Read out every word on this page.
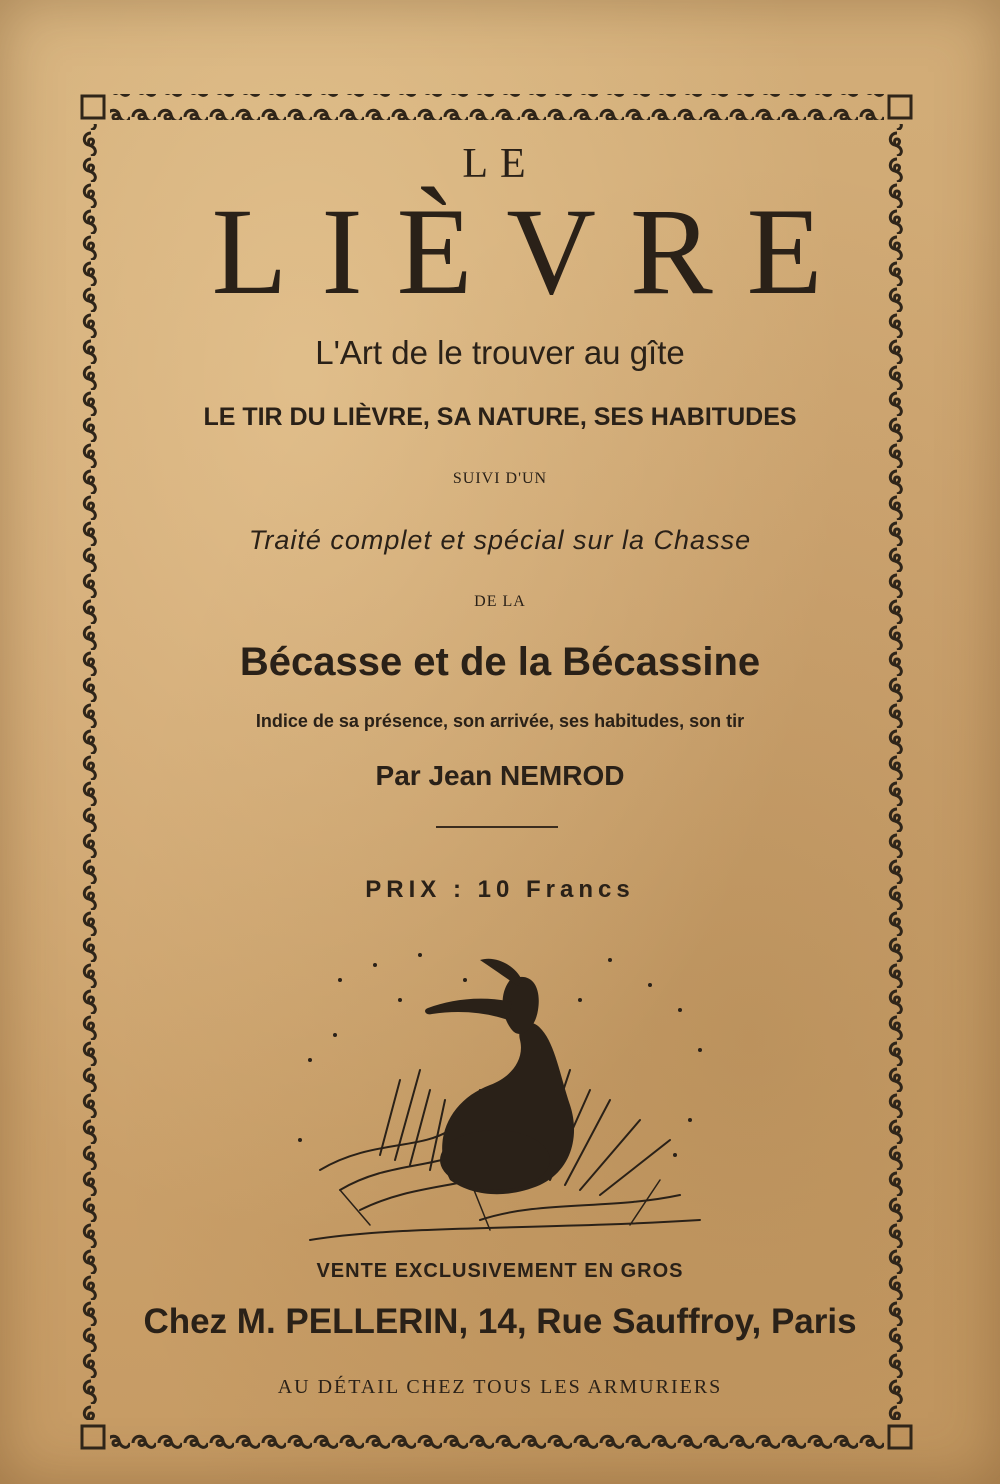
LE
LIÈVRE
L'Art de le trouver au gîte
LE TIR DU LIÈVRE, SA NATURE, SES HABITUDES
SUIVI D'UN
Traité complet et spécial sur la Chasse
DE LA
Bécasse et de la Bécassine
Indice de sa présence, son arrivée, ses habitudes, son tir
Par Jean NEMROD
PRIX : 10 Francs
VENTE EXCLUSIVEMENT EN GROS
Chez M. PELLERIN, 14, Rue Sauffroy, Paris
AU DÉTAIL CHEZ TOUS LES ARMURIERS
